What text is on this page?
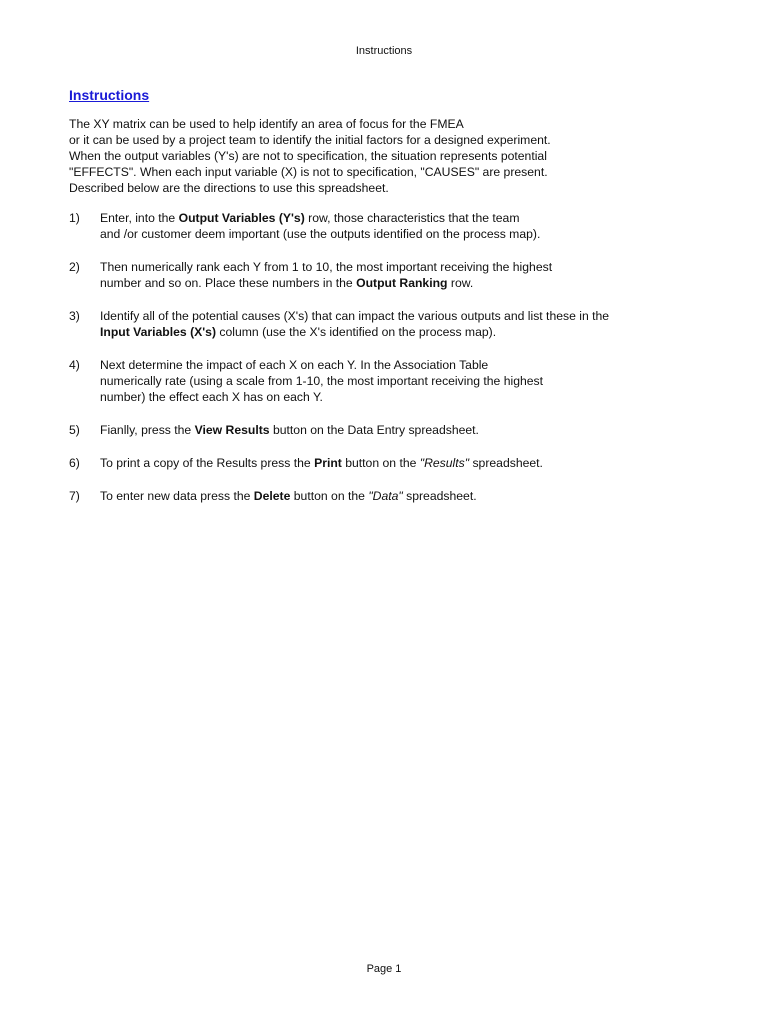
Instructions
Instructions
The XY matrix can be used to help identify an area of focus for the FMEA
or it can be used by a project team to identify the initial factors for a designed experiment.
When the output variables (Y's) are not to specification, the situation represents potential
"EFFECTS". When each input variable (X) is not to specification, "CAUSES" are present.
Described below are the directions to use this spreadsheet.
1)	Enter, into the Output Variables (Y's) row, those characteristics that the team
and /or customer deem important (use the outputs identified on the process map).
2)	Then numerically rank each Y from 1 to 10, the most important receiving the highest
number and so on. Place these numbers in the Output Ranking row.
3)	Identify all of the potential causes (X's) that can impact the various outputs and list these in the
Input Variables (X's) column (use the X's identified on the process map).
4)	Next determine the impact of each X on each Y. In the Association Table
numerically rate (using a scale from 1-10, the most important receiving the highest
number) the effect each X has on each Y.
5)	Fianlly, press the View Results button on the Data Entry spreadsheet.
6)	To print a copy of the Results press the Print button on the "Results" spreadsheet.
7)	To enter new data press the Delete button on the "Data" spreadsheet.
Page 1
